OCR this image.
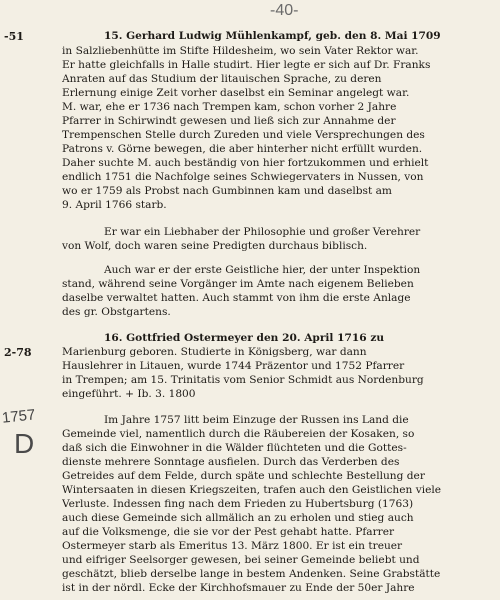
-40-
-51
2-78
1757
D
15. Gerhard Ludwig Mühlenkampf, geb. den 8. Mai 1709
in Salzliebenhütte im Stifte Hildesheim, wo sein Vater Rektor war.
Er hatte gleichfalls in Halle studirt. Hier legte er sich auf Dr. Franks
Anraten auf das Studium der litauischen Sprache, zu deren
Erlernung einige Zeit vorher daselbst ein Seminar angelegt war.
M. war, ehe er 1736 nach Trempen kam, schon vorher 2 Jahre
Pfarrer in Schirwindt gewesen und ließ sich zur Annahme der
Trempenschen Stelle durch Zureden und viele Versprechungen des
Patrons v. Görne bewegen, die aber hinterher nicht erfüllt wurden.
Daher suchte M. auch beständig von hier fortzukommen und erhielt
endlich 1751 die Nachfolge seines Schwiegervaters in Nussen, von
wo er 1759 als Probst nach Gumbinnen kam und daselbst am
9. April 1766 starb.
Er war ein Liebhaber der Philosophie und großer Verehrer
von Wolf, doch waren seine Predigten durchaus biblisch.
Auch war er der erste Geistliche hier, der unter Inspektion
stand, während seine Vorgänger im Amte nach eigenem Belieben
daselbe verwaltet hatten. Auch stammt von ihm die erste Anlage
des gr. Obstgartens.
16. Gottfried Ostermeyer den 20. April 1716 zu
Marienburg geboren. Studierte in Königsberg, war dann
Hauslehrer in Litauen, wurde 1744 Präzentor und 1752 Pfarrer
in Trempen; am 15. Trinitatis vom Senior Schmidt aus Nordenburg
eingeführt. + Ib. 3. 1800
Im Jahre 1757 litt beim Einzuge der Russen ins Land die
Gemeinde viel, namentlich durch die Räubereien der Kosaken, so
daß sich die Einwohner in die Wälder flüchteten und die Gottes-
dienste mehrere Sonntage ausfielen. Durch das Verderben des
Getreides auf dem Felde, durch späte und schlechte Bestellung der
Wintersaaten in diesen Kriegszeiten, trafen auch den Geistlichen viele
Verluste. Indessen fing nach dem Frieden zu Hubertsburg (1763)
auch diese Gemeinde sich allmälich an zu erholen und stieg auch
auf die Volksmenge, die sie vor der Pest gehabt hatte. Pfarrer
Ostermeyer starb als Emeritus 13. März 1800. Er ist ein treuer
und eifriger Seelsorger gewesen, bei seiner Gemeinde beliebt und
geschätzt, blieb derselbe lange in bestem Andenken. Seine Grabstätte
ist in der nördl. Ecke der Kirchhofsmauer zu Ende der 50er Jahre
